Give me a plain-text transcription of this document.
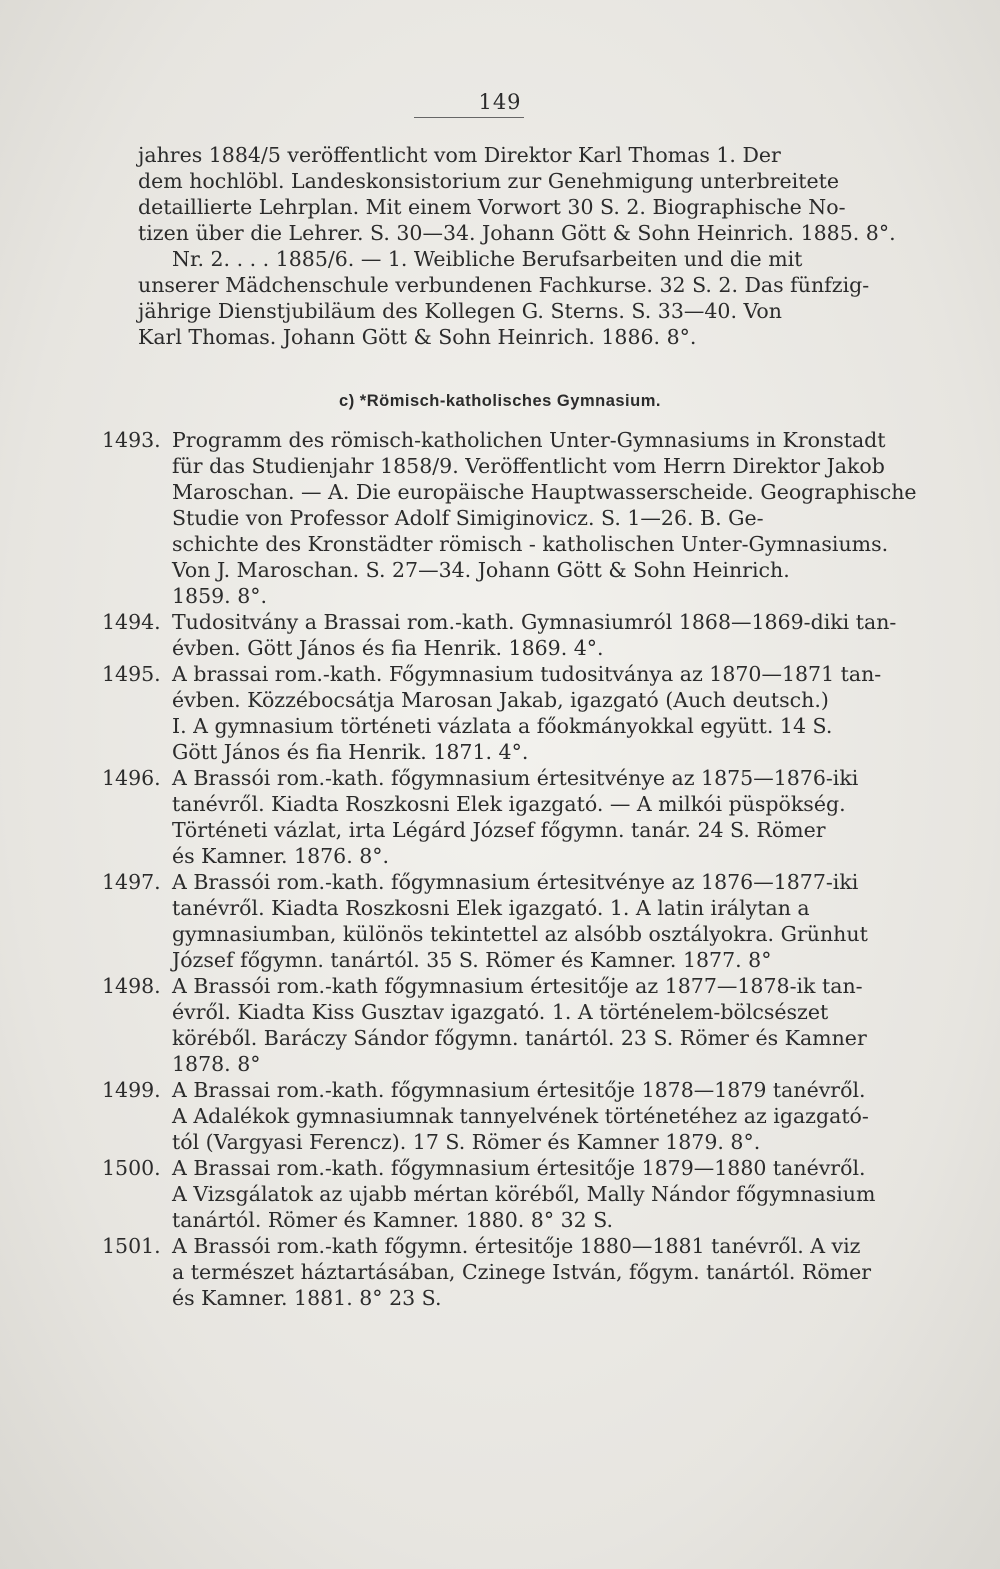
149
jahres 1884/5 veröffentlicht vom Direktor Karl Thomas 1. Der
dem hochlöbl. Landeskonsistorium zur Genehmigung unterbreitete
detaillierte Lehrplan. Mit einem Vorwort 30 S. 2. Biographische No-
tizen über die Lehrer. S. 30—34. Johann Gött & Sohn Heinrich. 1885. 8°.
Nr. 2. . . . 1885/6. — 1. Weibliche Berufsarbeiten und die mit
unserer Mädchenschule verbundenen Fachkurse. 32 S. 2. Das fünfzig-
jährige Dienstjubiläum des Kollegen G. Sterns. S. 33—40. Von
Karl Thomas. Johann Gött & Sohn Heinrich. 1886. 8°.
c) *Römisch-katholisches Gymnasium.
1493. Programm des römisch-katholichen Unter-Gymnasiums in Kronstadt
für das Studienjahr 1858/9. Veröffentlicht vom Herrn Direktor Jakob
Maroschan. — A. Die europäische Hauptwasserscheide. Geographische
Studie von Professor Adolf Simiginovicz. S. 1—26. B. Ge-
schichte des Kronstädter römisch - katholischen Unter-Gymnasiums.
Von J. Maroschan. S. 27—34. Johann Gött & Sohn Heinrich.
1859. 8°.
1494. Tudositvány a Brassai rom.-kath. Gymnasiumról 1868—1869-diki tan-
évben. Gött János és fia Henrik. 1869. 4°.
1495. A brassai rom.-kath. Főgymnasium tudositványa az 1870—1871 tan-
évben. Közzébocsátja Marosan Jakab, igazgató (Auch deutsch.)
I. A gymnasium történeti vázlata a főokmányokkal együtt. 14 S.
Gött János és fia Henrik. 1871. 4°.
1496. A Brassói rom.-kath. főgymnasium értesitvénye az 1875—1876-iki
tanévről. Kiadta Roszkosni Elek igazgató. — A milkói püspökség.
Történeti vázlat, irta Légárd József főgymn. tanár. 24 S. Römer
és Kamner. 1876. 8°.
1497. A Brassói rom.-kath. főgymnasium értesitvénye az 1876—1877-iki
tanévről. Kiadta Roszkosni Elek igazgató. 1. A latin irálytan a
gymnasiumban, különös tekintettel az alsóbb osztályokra. Grünhut
József főgymn. tanártól. 35 S. Römer és Kamner. 1877. 8°
1498. A Brassói rom.-kath főgymnasium értesitője az 1877—1878-ik tan-
évről. Kiadta Kiss Gusztav igazgató. 1. A történelem-bölcsészet
köréből. Baráczy Sándor főgymn. tanártól. 23 S. Römer és Kamner
1878. 8°
1499. A Brassai rom.-kath. főgymnasium értesitője 1878—1879 tanévről.
A Adalékok gymnasiumnak tannyelvének történetéhez az igazgató-
tól (Vargyasi Ferencz). 17 S. Römer és Kamner 1879. 8°.
1500. A Brassai rom.-kath. főgymnasium értesitője 1879—1880 tanévről.
A Vizsgálatok az ujabb mértan köréből, Mally Nándor főgymnasium
tanártól. Römer és Kamner. 1880. 8° 32 S.
1501. A Brassói rom.-kath főgymn. értesitője 1880—1881 tanévről. A viz
a természet háztartásában, Czinege István, főgym. tanártól. Römer
és Kamner. 1881. 8° 23 S.
